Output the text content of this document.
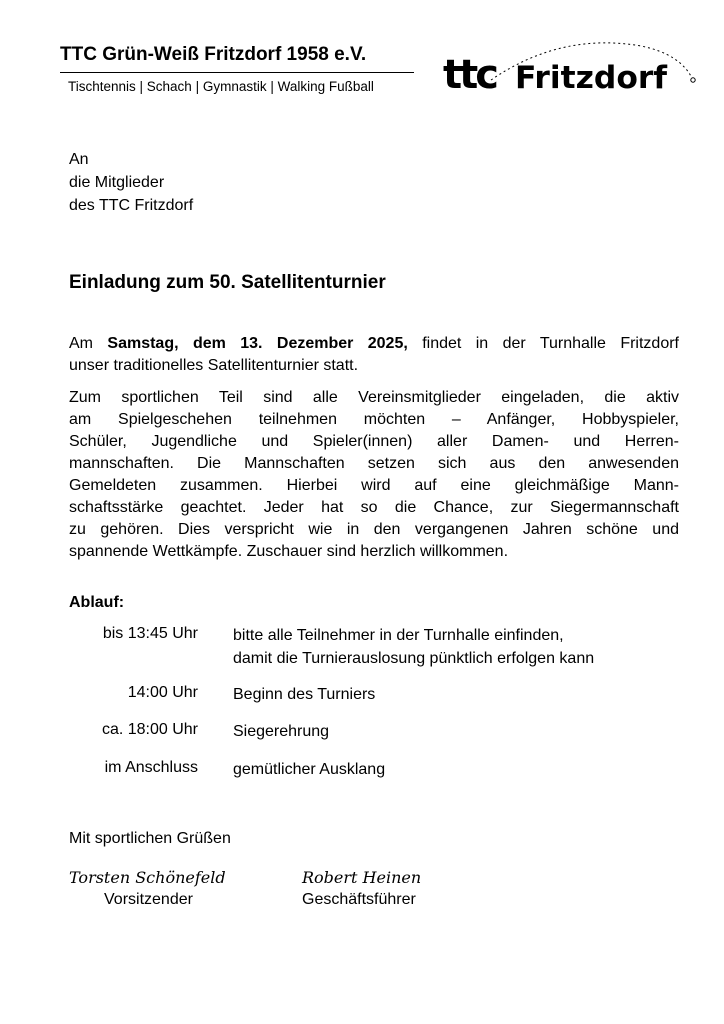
TTC Grün-Weiß Fritzdorf 1958 e.V.
Tischtennis | Schach | Gymnastik | Walking Fußball ttc Fritzdorf
An
die Mitglieder
des TTC Fritzdorf
Einladung zum 50. Satellitenturnier
Am Samstag, dem 13. Dezember 2025, findet in der Turnhalle Fritzdorf
unser traditionelles Satellitenturnier statt.
Zum sportlichen Teil sind alle Vereinsmitglieder eingeladen, die aktiv
am Spielgeschehen teilnehmen möchten – Anfänger, Hobbyspieler,
Schüler, Jugendliche und Spieler(innen) aller Damen- und Herren-
mannschaften. Die Mannschaften setzen sich aus den anwesenden
Gemeldeten zusammen. Hierbei wird auf eine gleichmäßige Mann-
schaftsstärke geachtet. Jeder hat so die Chance, zur Siegermannschaft
zu gehören. Dies verspricht wie in den vergangenen Jahren schöne und
spannende Wettkämpfe. Zuschauer sind herzlich willkommen.
Ablauf:
bis 13:45 Uhr bitte alle Teilnehmer in der Turnhalle einfinden,
damit die Turnierauslosung pünktlich erfolgen kann
14:00 Uhr Beginn des Turniers
ca. 18:00 Uhr Siegerehrung
im Anschluss gemütlicher Ausklang
Mit sportlichen Grüßen
Torsten Schönefeld
Vorsitzender
Robert Heinen
Geschäftsführer
